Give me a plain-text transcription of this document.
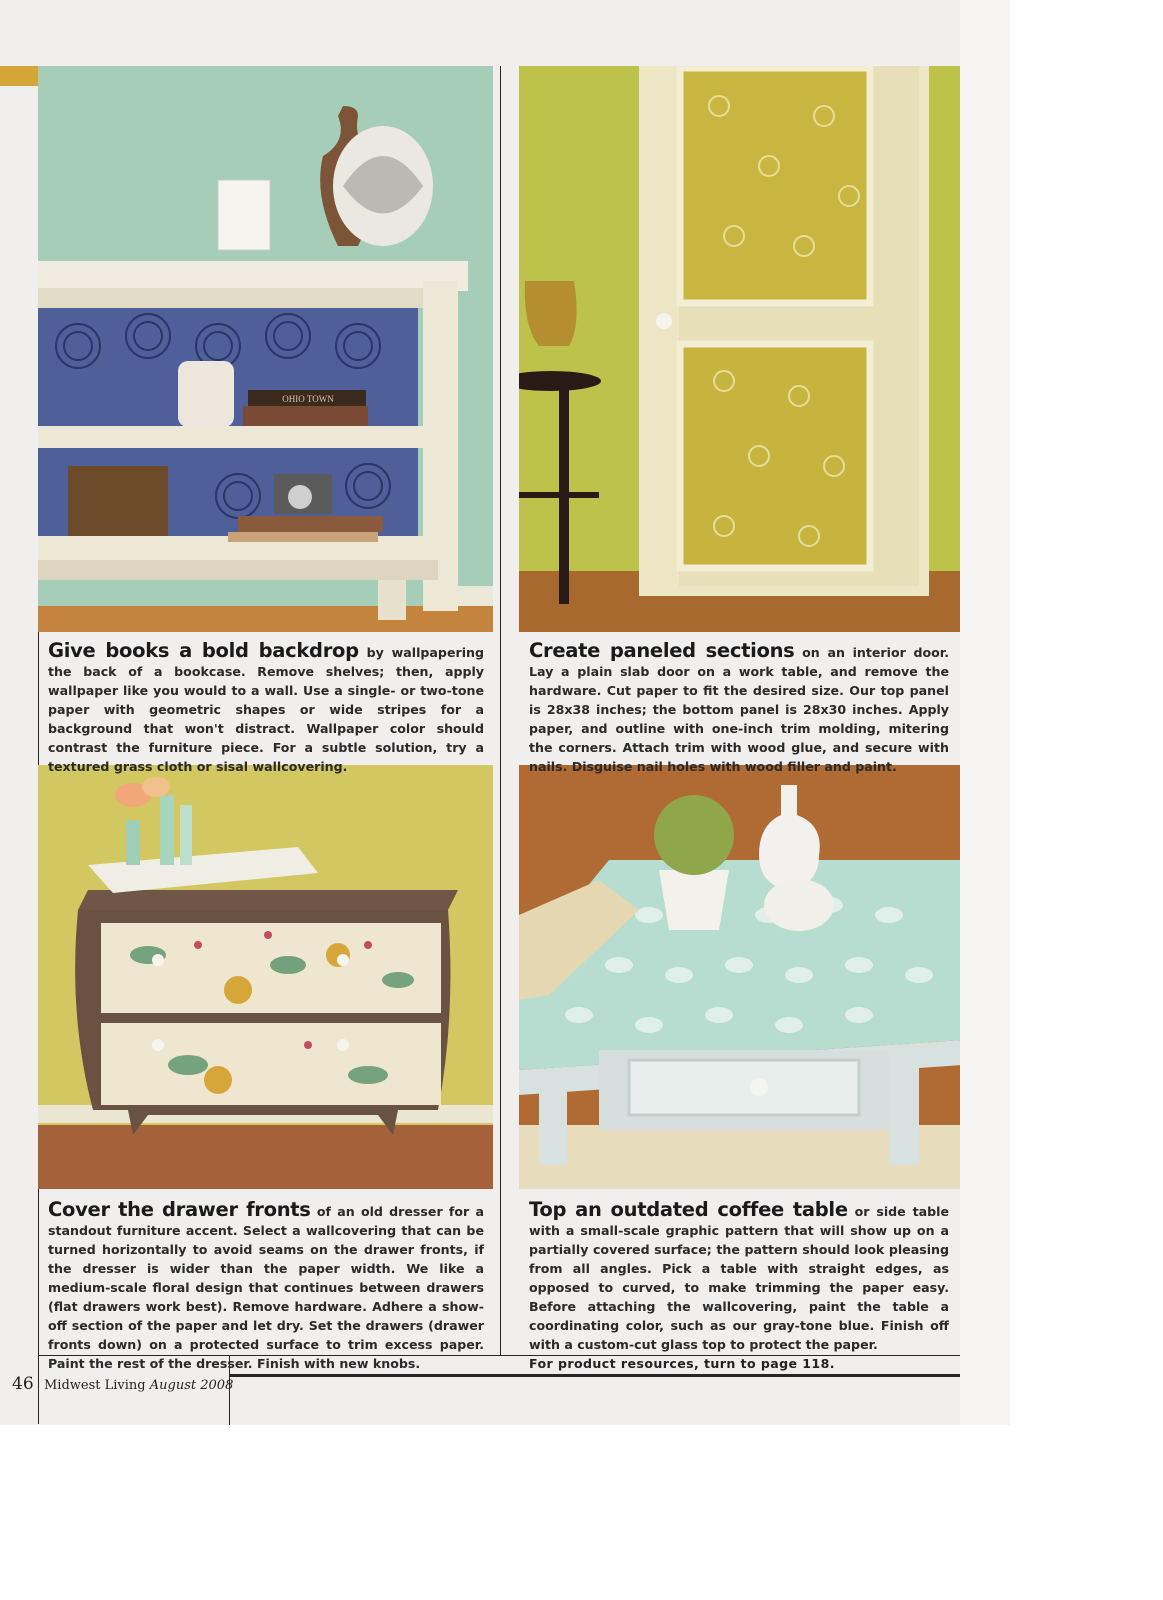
OHIO TOWN

Give books a bold backdrop by wallpapering the back of a bookcase. Remove shelves; then, apply wallpaper like you would to a wall. Use a single- or two-tone paper with geometric shapes or wide stripes for a background that won't distract. Wallpaper color should contrast the furniture piece. For a subtle solution, try a textured grass cloth or sisal wallcovering.

Create paneled sections on an interior door. Lay a plain slab door on a work table, and remove the hardware. Cut paper to fit the desired size. Our top panel is 28x38 inches; the bottom panel is 28x30 inches. Apply paper, and outline with one-inch trim molding, mitering the corners. Attach trim with wood glue, and secure with nails. Disguise nail holes with wood filler and paint.

Cover the drawer fronts of an old dresser for a standout furniture accent. Select a wallcovering that can be turned horizontally to avoid seams on the drawer fronts, if the dresser is wider than the paper width. We like a medium-scale floral design that continues between drawers (flat drawers work best). Remove hardware. Adhere a show-off section of the paper and let dry. Set the drawers (drawer fronts down) on a protected surface to trim excess paper. Paint the rest of the dresser. Finish with new knobs.

Top an outdated coffee table or side table with a small-scale graphic pattern that will show up on a partially covered surface; the pattern should look pleasing from all angles. Pick a table with straight edges, as opposed to curved, to make trimming the paper easy. Before attaching the wallcovering, paint the table a coordinating color, such as our gray-tone blue. Finish off with a custom-cut glass top to protect the paper.
For product resources, turn to page 118.

46 Midwest Living August 2008
